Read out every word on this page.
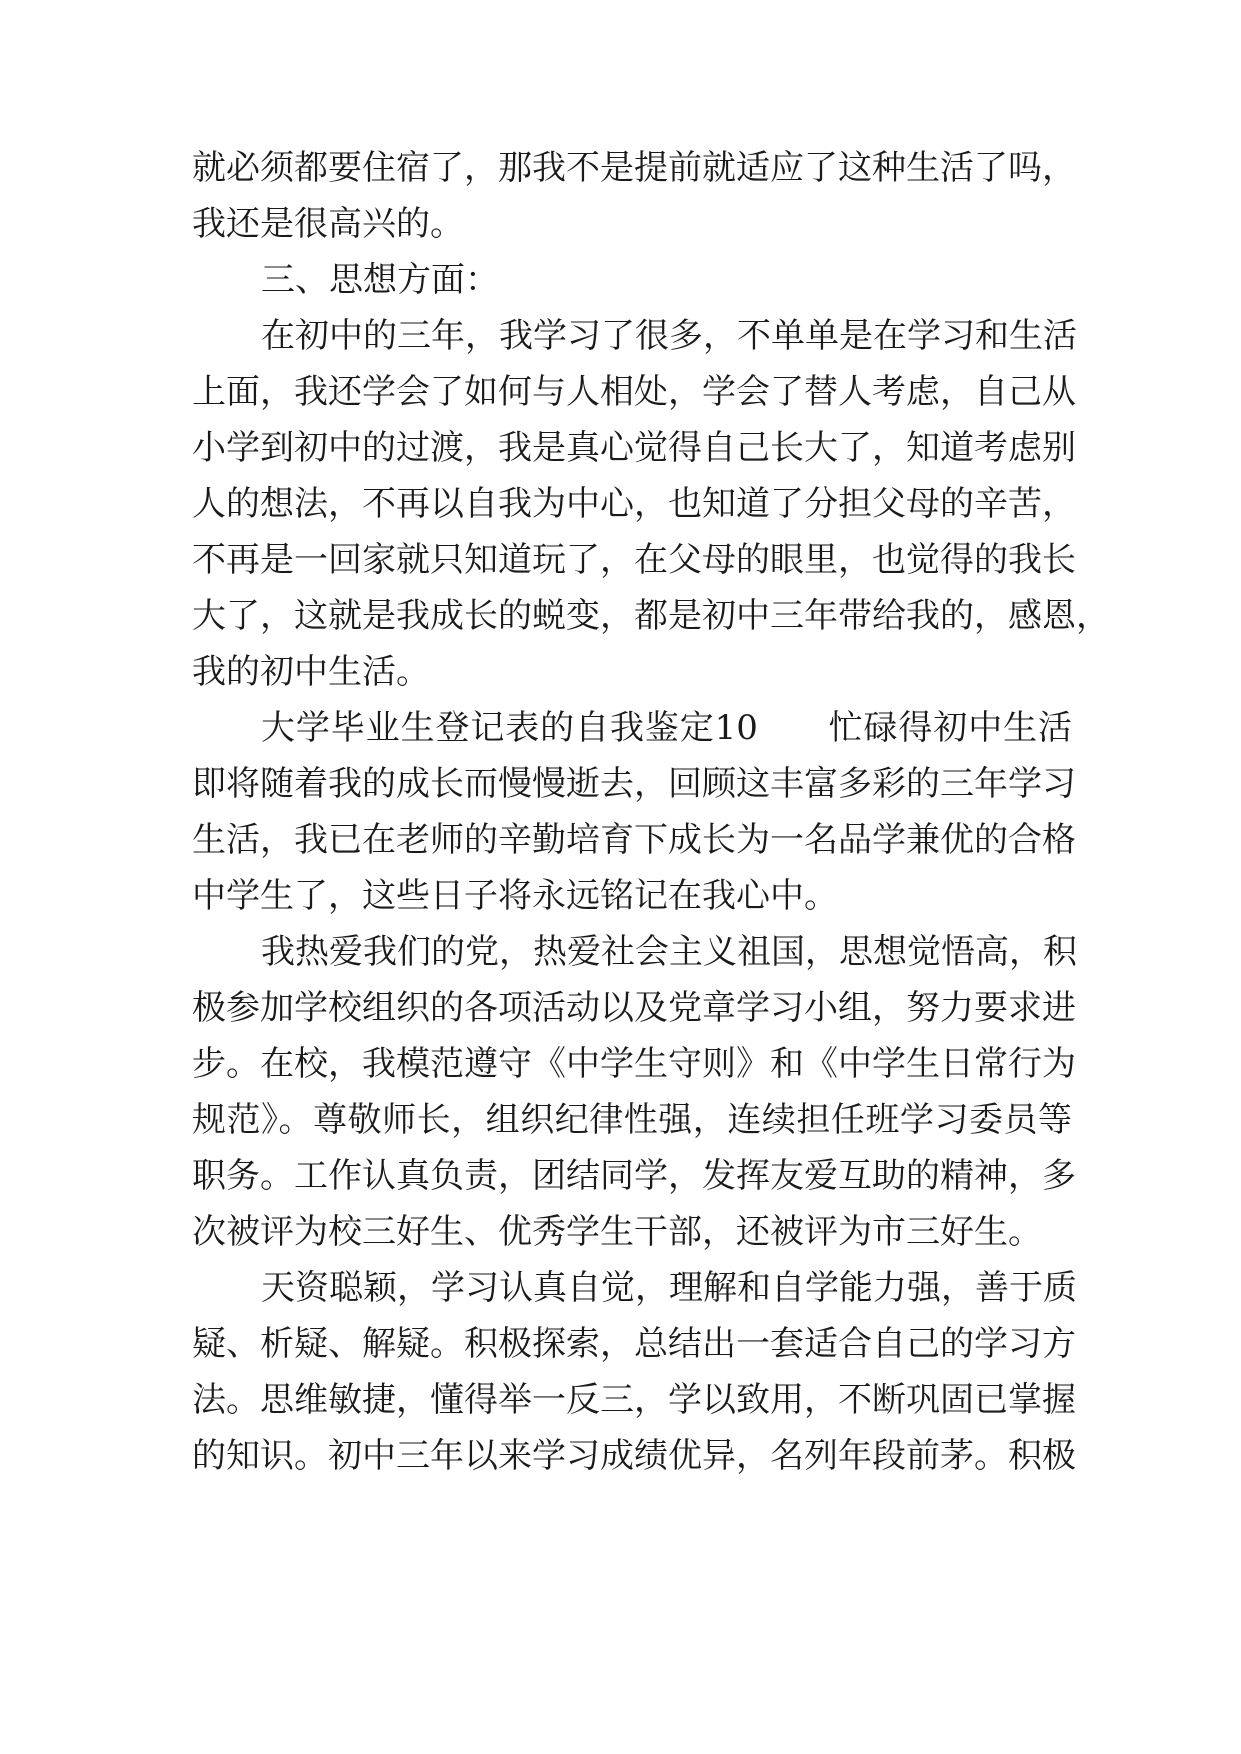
就必须都要住宿了，那我不是提前就适应了这种生活了吗，
我还是很高兴的。
三、思想方面：
在初中的三年，我学习了很多，不单单是在学习和生活
上面，我还学会了如何与人相处，学会了替人考虑，自己从
小学到初中的过渡，我是真心觉得自己长大了，知道考虑别
人的想法，不再以自我为中心，也知道了分担父母的辛苦，
不再是一回家就只知道玩了，在父母的眼里，也觉得的我长
大了，这就是我成长的蜕变，都是初中三年带给我的，感恩，
我的初中生活。
大学毕业生登记表的自我鉴定10　　忙碌得初中生活
即将随着我的成长而慢慢逝去，回顾这丰富多彩的三年学习
生活，我已在老师的辛勤培育下成长为一名品学兼优的合格
中学生了，这些日子将永远铭记在我心中。
我热爱我们的党，热爱社会主义祖国，思想觉悟高，积
极参加学校组织的各项活动以及党章学习小组，努力要求进
步。在校，我模范遵守《中学生守则》和《中学生日常行为
规范》。尊敬师长，组织纪律性强，连续担任班学习委员等
职务。工作认真负责，团结同学，发挥友爱互助的精神，多
次被评为校三好生、优秀学生干部，还被评为市三好生。
天资聪颖，学习认真自觉，理解和自学能力强，善于质
疑、析疑、解疑。积极探索，总结出一套适合自己的学习方
法。思维敏捷，懂得举一反三，学以致用，不断巩固已掌握
的知识。初中三年以来学习成绩优异，名列年段前茅。积极
